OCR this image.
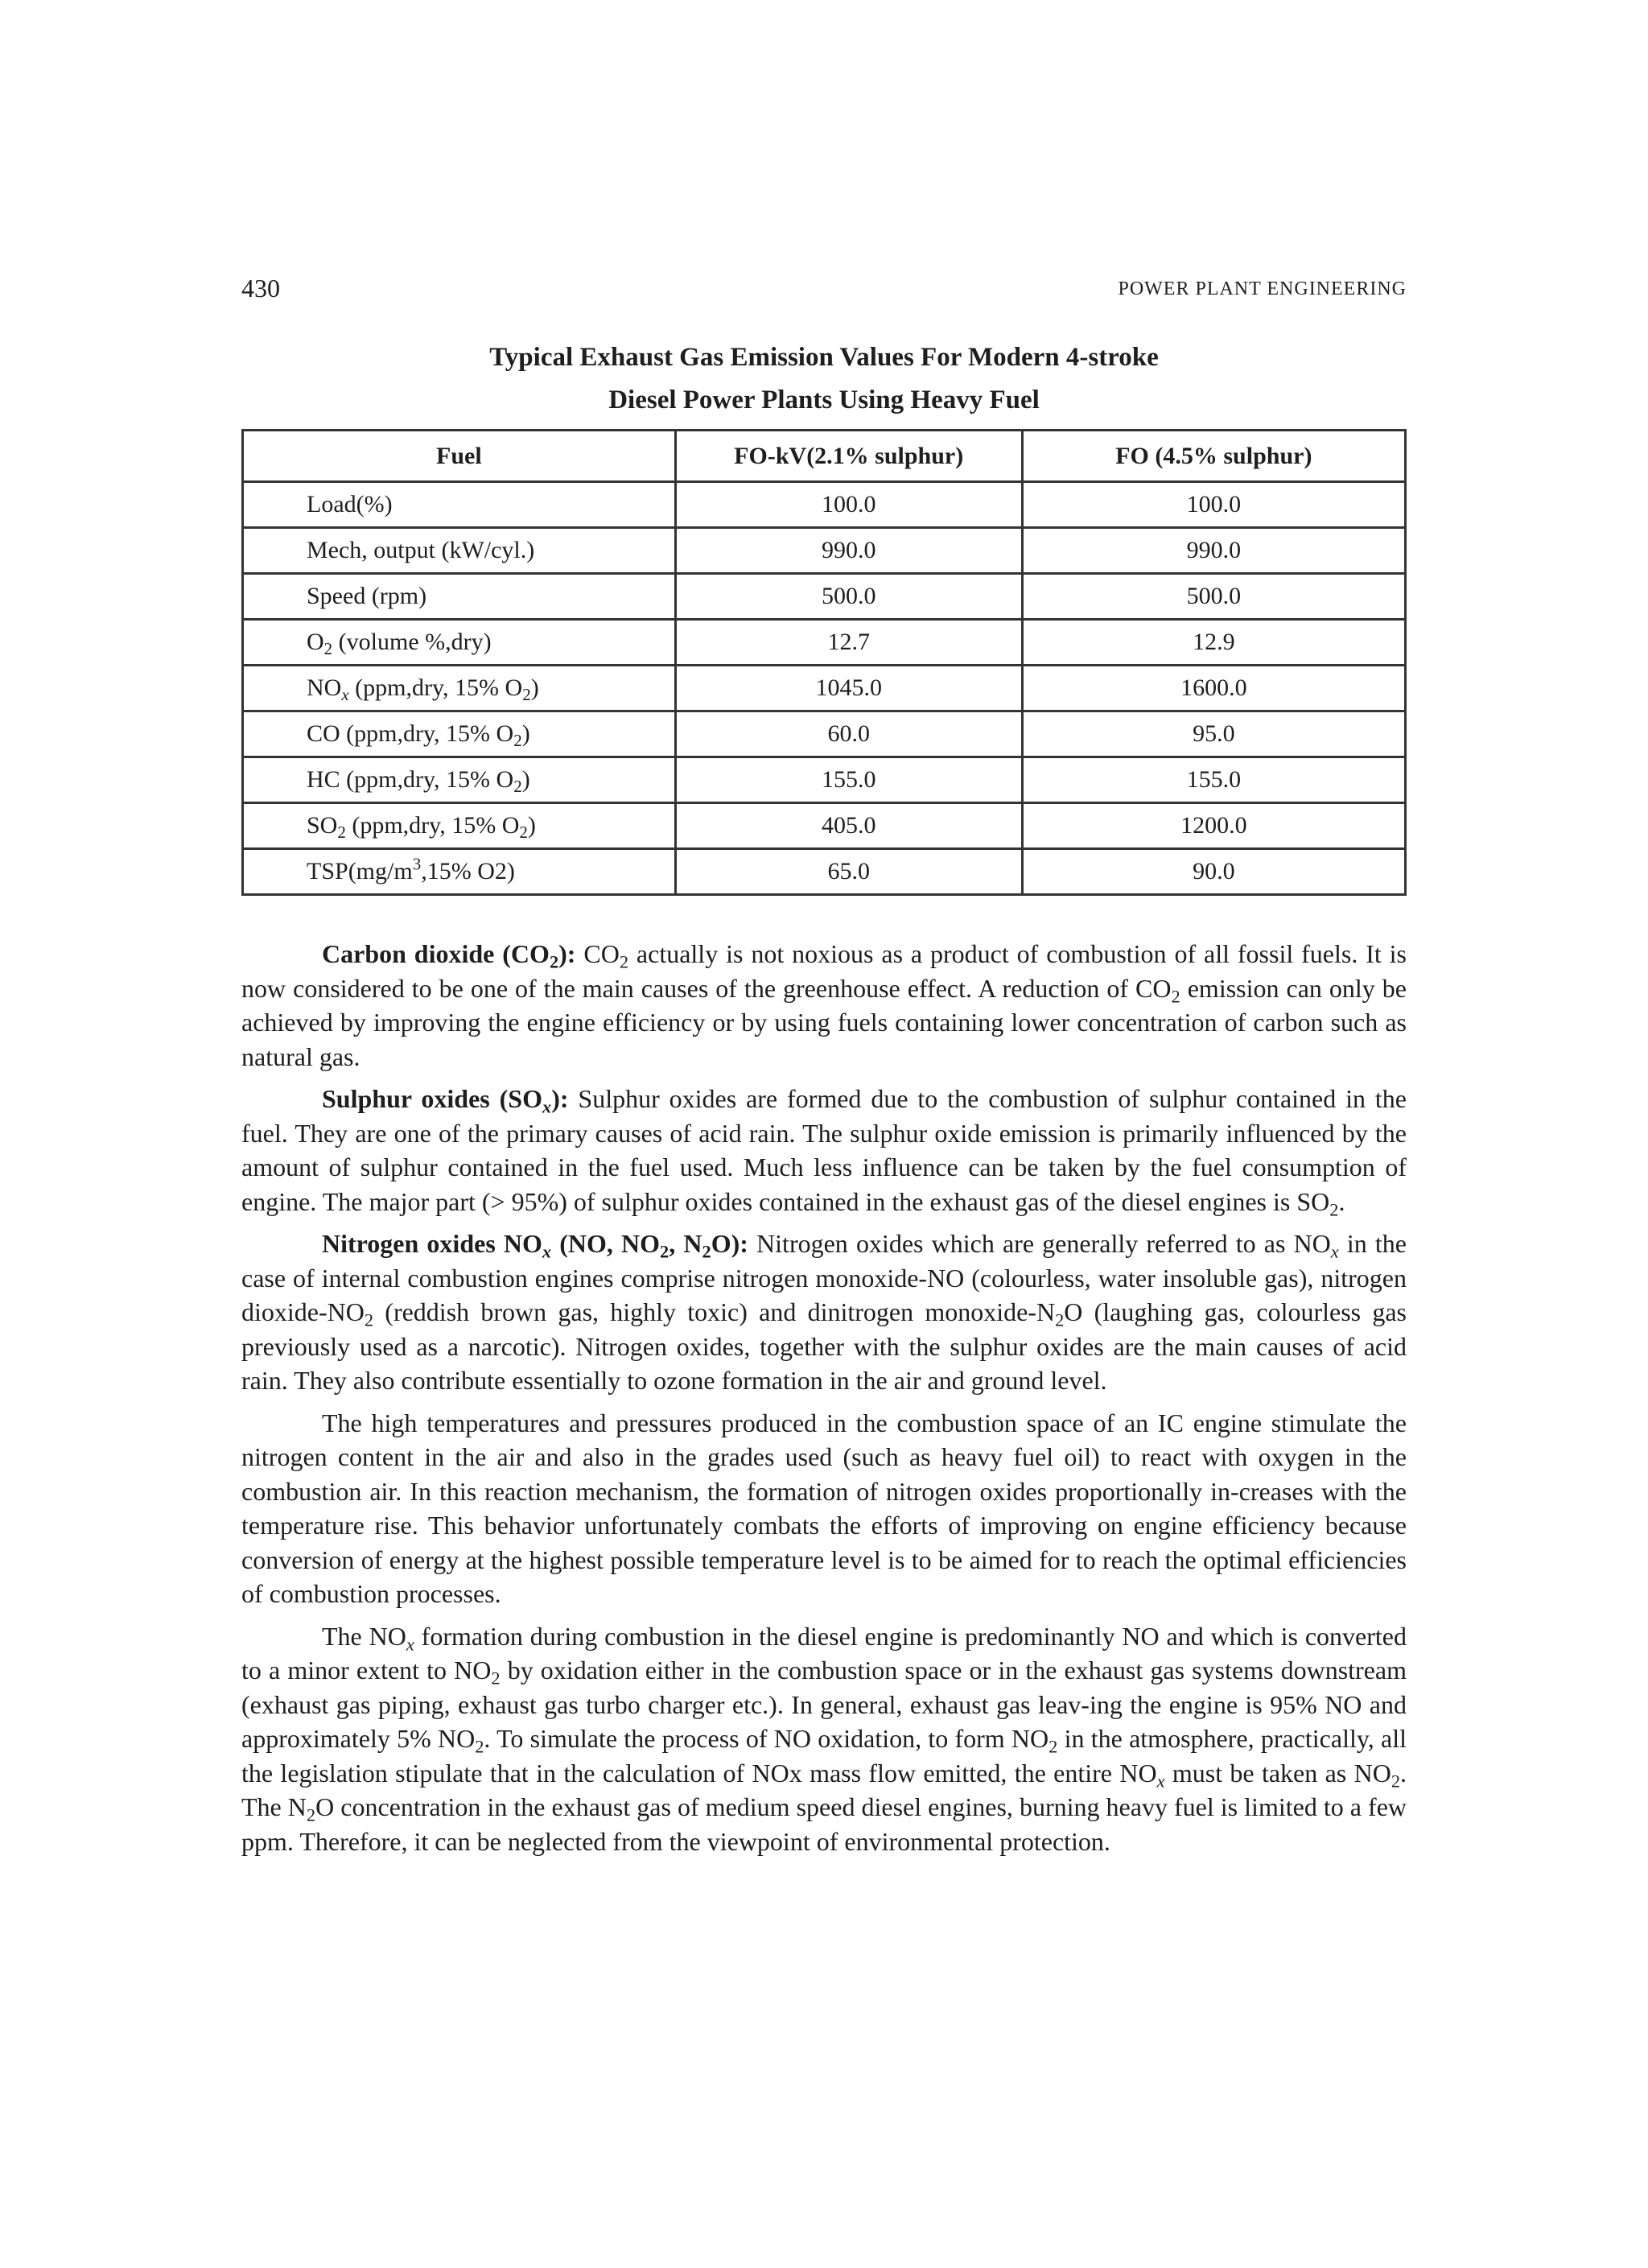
430	POWER PLANT ENGINEERING
Typical Exhaust Gas Emission Values For Modern 4-stroke
Diesel Power Plants Using Heavy Fuel
Fuel	FO-kV(2.1% sulphur)	FO (4.5% sulphur)
Load(%)	100.0	100.0
Mech, output (kW/cyl.)	990.0	990.0
Speed (rpm)	500.0	500.0
$O_2$ (volume %,dry)	12.7	12.9
$NO_x$ (ppm,dry, 15% $O_2$)	1045.0	1600.0
CO (ppm,dry, 15% $O_2$)	60.0	95.0
HC (ppm,dry, 15% $O_2$)	155.0	155.0
$SO_2$ (ppm,dry, 15% $O_2$)	405.0	1200.0
$TSP(mg/m^3,15\%$ O2)	65.0	90.0

Carbon dioxide $(CO_2)$: $CO_2$ actually is not noxious as a product of combustion of all fossil fuels. It is now considered to be one of the main causes of the greenhouse effect. A reduction of $CO_2$ emission can only be achieved by improving the engine efficiency or by using fuels containing lower concentration of carbon such as natural gas.

Sulphur oxides $(SO_x)$: Sulphur oxides are formed due to the combustion of sulphur contained in the fuel. They are one of the primary causes of acid rain. The sulphur oxide emission is primarily influenced by the amount of sulphur contained in the fuel used. Much less influence can be taken by the fuel consumption of engine. The major part (> 95%) of sulphur oxides contained in the exhaust gas of the diesel engines is $SO_2$.

Nitrogen oxides $NO_x$ (NO, $NO_2$, $N_2O$): Nitrogen oxides which are generally referred to as $NO_x$ in the case of internal combustion engines comprise nitrogen monoxide-NO (colourless, water insoluble gas), nitrogen dioxide-$NO_2$ (reddish brown gas, highly toxic) and dinitrogen monoxide-$N_2O$ (laughing gas, colourless gas previously used as a narcotic). Nitrogen oxides, together with the sulphur oxides are the main causes of acid rain. They also contribute essentially to ozone formation in the air and ground level.

The high temperatures and pressures produced in the combustion space of an IC engine stimulate the nitrogen content in the air and also in the grades used (such as heavy fuel oil) to react with oxygen in the combustion air. In this reaction mechanism, the formation of nitrogen oxides proportionally in-creases with the temperature rise. This behavior unfortunately combats the efforts of improving on engine efficiency because conversion of energy at the highest possible temperature level is to be aimed for to reach the optimal efficiencies of combustion processes.

The $NO_x$ formation during combustion in the diesel engine is predominantly NO and which is converted to a minor extent to $NO_2$ by oxidation either in the combustion space or in the exhaust gas systems downstream (exhaust gas piping, exhaust gas turbo charger etc.). In general, exhaust gas leav-ing the engine is 95% NO and approximately 5% $NO_2$. To simulate the process of NO oxidation, to form $NO_2$ in the atmosphere, practically, all the legislation stipulate that in the calculation of NOx mass flow emitted, the entire $NO_x$ must be taken as $NO_2$. The $N_2O$ concentration in the exhaust gas of medium speed diesel engines, burning heavy fuel is limited to a few ppm. Therefore, it can be neglected from the viewpoint of environmental protection.
